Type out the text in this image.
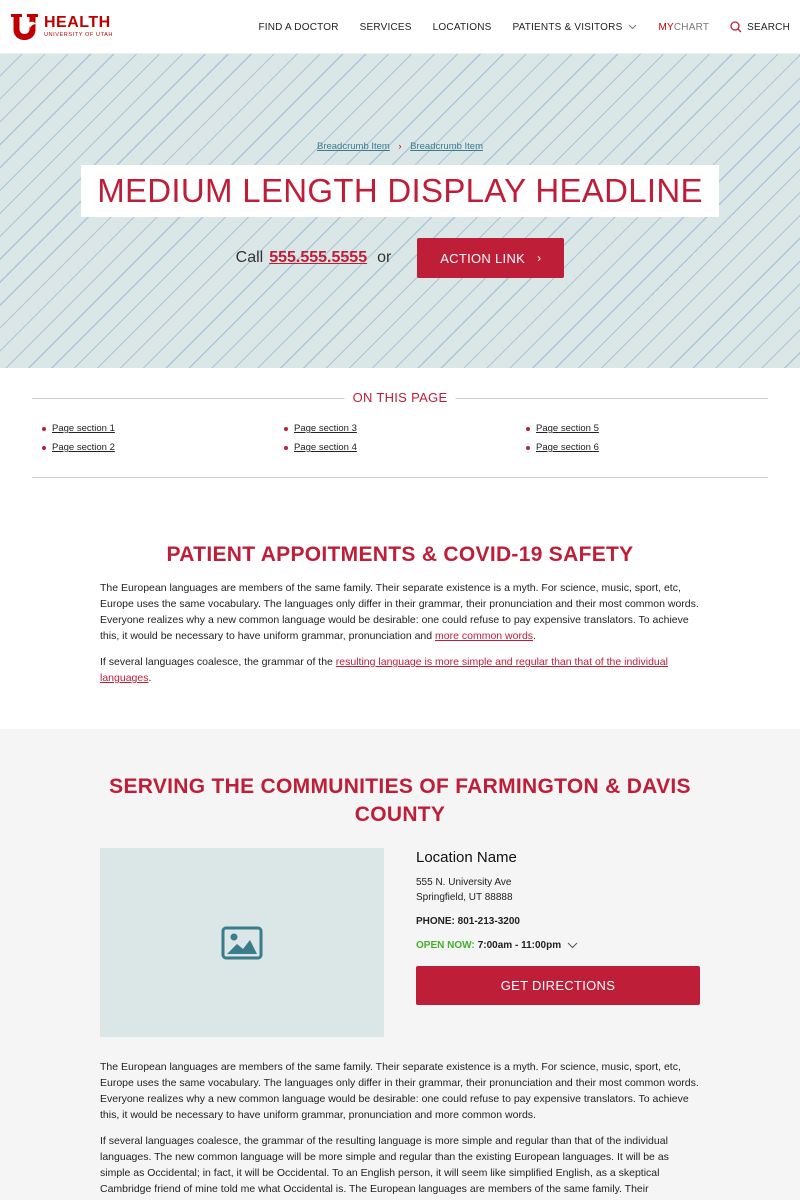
HEALTH
UNIVERSITY OF UTAH
FIND A DOCTOR SERVICES LOCATIONS PATIENTS & VISITORS	MY CHART	SEARCH
Breadcrumb Item › Breadcrumb Item
MEDIUM LENGTH DISPLAY HEADLINE
Call 555.555.5555 or	ACTION LINK ›
ON THIS PAGE
Page section 1
Page section 2
Page section 3
Page section 4
Page section 5
Page section 6
PATIENT APPOITMENTS & COVID-19 SAFETY

The European languages are members of the same family. Their separate existence is a myth. For science, music, sport, etc, Europe uses the same vocabulary. The languages only differ in their grammar, their pronunciation and their most common words. Everyone realizes why a new common language would be desirable: one could refuse to pay expensive translators. To achieve this, it would be necessary to have uniform grammar, pronunciation and more common words.

If several languages coalesce, the grammar of the resulting language is more simple and regular than that of the individual languages.

SERVING THE COMMUNITIES OF FARMINGTON & DAVIS COUNTY
Location Name
555 N. University Ave
Springfield, UT 88888
PHONE: 801-213-3200
OPEN NOW: 7:00am - 11:00pm
GET DIRECTIONS

The European languages are members of the same family. Their separate existence is a myth. For science, music, sport, etc, Europe uses the same vocabulary. The languages only differ in their grammar, their pronunciation and their most common words. Everyone realizes why a new common language would be desirable: one could refuse to pay expensive translators. To achieve this, it would be necessary to have uniform grammar, pronunciation and more common words.

If several languages coalesce, the grammar of the resulting language is more simple and regular than that of the individual languages. The new common language will be more simple and regular than the existing European languages. It will be as simple as Occidental; in fact, it will be Occidental. To an English person, it will seem like simplified English, as a skeptical Cambridge friend of mine told me what Occidental is. The European languages are members of the same family. Their
